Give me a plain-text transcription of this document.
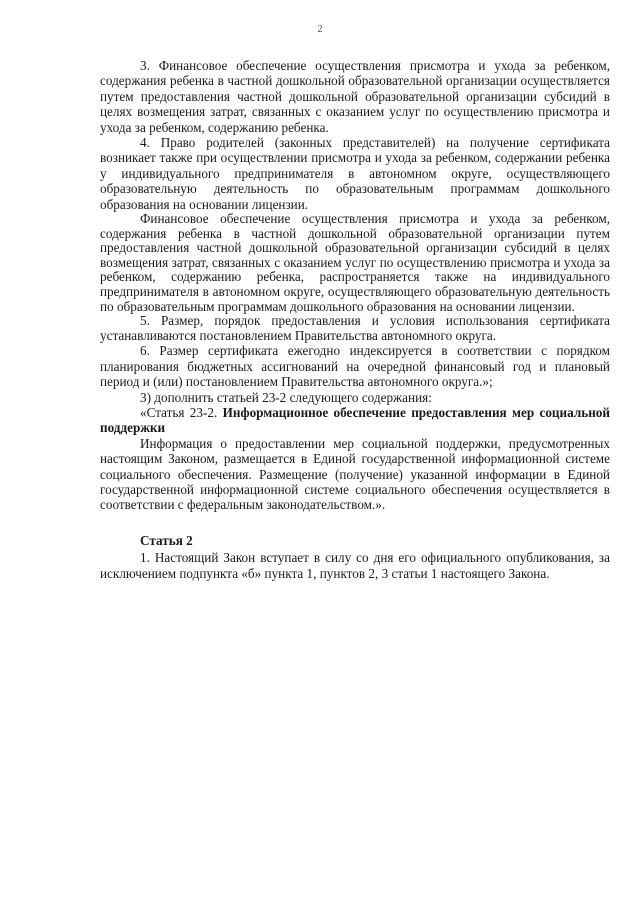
2

3. Финансовое обеспечение осуществления присмотра и ухода за ребенком, содержания ребенка в частной дошкольной образовательной организации осуществляется путем предоставления частной дошкольной образовательной организации субсидий в целях возмещения затрат, связанных с оказанием услуг по осуществлению присмотра и ухода за ребенком, содержанию ребенка.

4. Право родителей (законных представителей) на получение сертификата возникает также при осуществлении присмотра и ухода за ребенком, содержании ребенка у индивидуального предпринимателя в автономном округе, осуществляющего образовательную деятельность по образовательным программам дошкольного образования на основании лицензии.

Финансовое обеспечение осуществления присмотра и ухода за ребенком, содержания ребенка в частной дошкольной образовательной организации путем предоставления частной дошкольной образовательной организации субсидий в целях возмещения затрат, связанных с оказанием услуг по осуществлению присмотра и ухода за ребенком, содержанию ребенка, распространяется также на индивидуального предпринимателя в автономном округе, осуществляющего образовательную деятельность по образовательным программам дошкольного образования на основании лицензии.

5. Размер, порядок предоставления и условия использования сертификата устанавливаются постановлением Правительства автономного округа.

6. Размер сертификата ежегодно индексируется в соответствии с порядком планирования бюджетных ассигнований на очередной финансовый год и плановый период и (или) постановлением Правительства автономного округа.»;

3) дополнить статьей 23-2 следующего содержания:

«Статья 23-2. Информационное обеспечение предоставления мер социальной поддержки

Информация о предоставлении мер социальной поддержки, предусмотренных настоящим Законом, размещается в Единой государственной информационной системе социального обеспечения. Размещение (получение) указанной информации в Единой государственной информационной системе социального обеспечения осуществляется в соответствии с федеральным законодательством.».

Статья 2

1. Настоящий Закон вступает в силу со дня его официального опубликования, за исключением подпункта «б» пункта 1, пунктов 2, 3 статьи 1 настоящего Закона.
